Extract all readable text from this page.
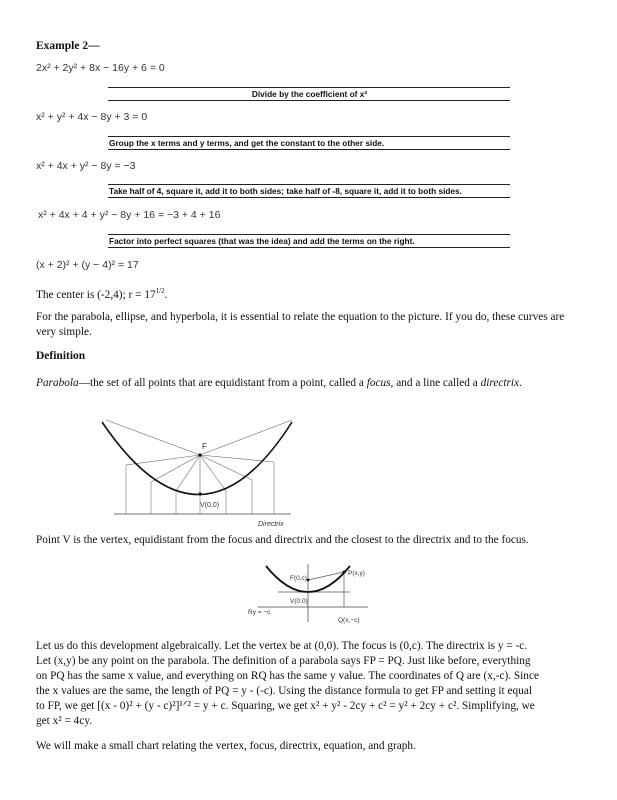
Example 2—
2x² + 2y² + 8x − 16y + 6 = 0
Divide by the coefficient of x²
x² + y² + 4x − 8y + 3 = 0
Group the x terms and y terms, and get the constant to the other side.
x² + 4x + y² − 8y = −3
Take half of 4, square it, add it to both sides; take half of -8, square it, add it to both sides.
x² + 4x + 4 + y² − 8y + 16 = −3 + 4 + 16
Factor into perfect squares (that was the idea) and add the terms on the right.
(x + 2)² + (y − 4)² = 17
The center is (-2,4); $r = 17^{1/2}$.
For the parabola, ellipse, and hyperbola, it is essential to relate the equation to the picture. If you do, these curves are very simple.
Definition
Parabola—the set of all points that are equidistant from a point, called a focus, and a line called a directrix.
F
V(0,0)
Directrix
Point V is the vertex, equidistant from the focus and directrix and the closest to the directrix and to the focus.
F(0,c)
P(x,y)
V(0,0)
Ry = −c
Q(x,−c)
Let us do this development algebraically. Let the vertex be at (0,0). The focus is (0,c). The directrix is y = -c.
Let (x,y) be any point on the parabola. The definition of a parabola says FP = PQ. Just like before, everything
on PQ has the same x value, and everything on RQ has the same y value. The coordinates of Q are (x,-c). Since
the x values are the same, the length of PQ = y - (-c). Using the distance formula to get FP and setting it equal
to FP, we get [(x - 0)² + (y - c)²]¹ᐟ² = y + c. Squaring, we get x² + y² - 2cy + c² = y² + 2cy + c². Simplifying, we
get x² = 4cy.
We will make a small chart relating the vertex, focus, directrix, equation, and graph.
